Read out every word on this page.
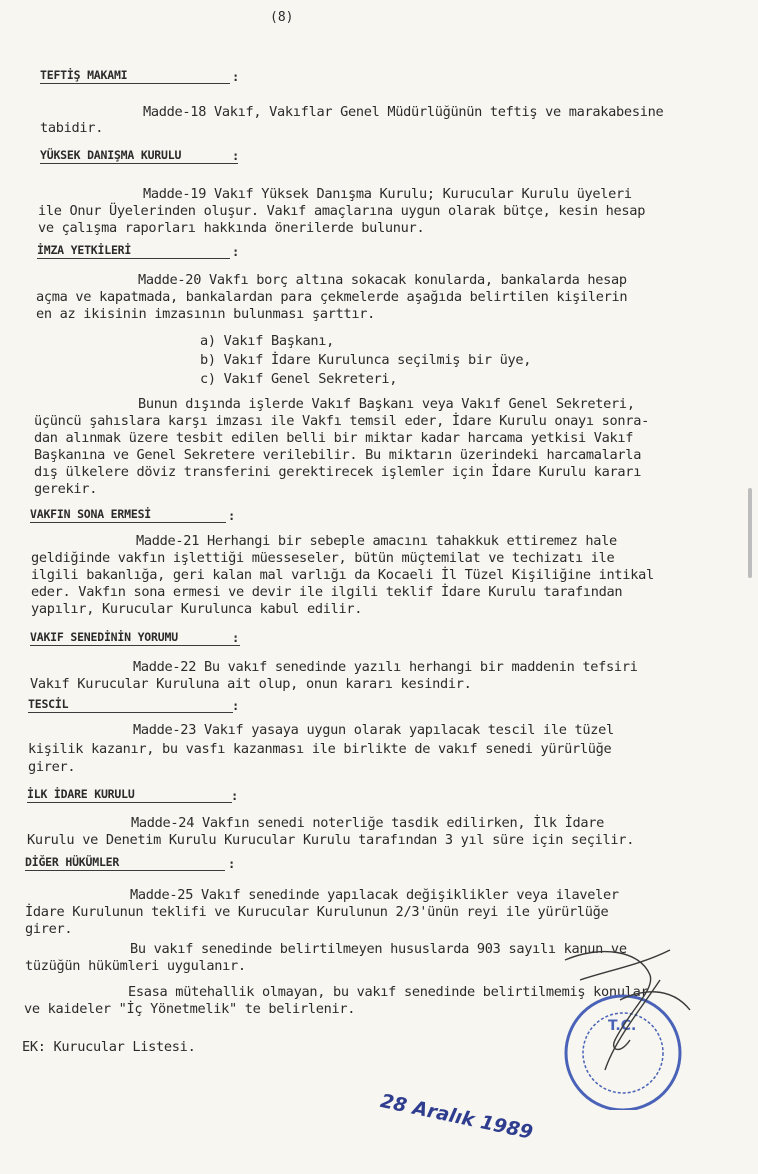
(8)
TEFTİŞ MAKAMI	:
Madde-18 Vakıf, Vakıflar Genel Müdürlüğünün teftiş ve marakabesine
tabidir.
YÜKSEK DANIŞMA KURULU	:
Madde-19 Vakıf Yüksek Danışma Kurulu; Kurucular Kurulu üyeleri
ile Onur Üyelerinden oluşur. Vakıf amaçlarına uygun olarak bütçe, kesin hesap
ve çalışma raporları hakkında önerilerde bulunur.
İMZA YETKİLERİ	:
Madde-20 Vakfı borç altına sokacak konularda, bankalarda hesap
açma ve kapatmada, bankalardan para çekmelerde aşağıda belirtilen kişilerin
en az ikisinin imzasının bulunması şarttır.
a) Vakıf Başkanı,
b) Vakıf İdare Kurulunca seçilmiş bir üye,
c) Vakıf Genel Sekreteri,
Bunun dışında işlerde Vakıf Başkanı veya Vakıf Genel Sekreteri,
üçüncü şahıslara karşı imzası ile Vakfı temsil eder, İdare Kurulu onayı sonra-
dan alınmak üzere tesbit edilen belli bir miktar kadar harcama yetkisi Vakıf
Başkanına ve Genel Sekretere verilebilir. Bu miktarın üzerindeki harcamalarla
dış ülkelere döviz transferini gerektirecek işlemler için İdare Kurulu kararı
gerekir.
VAKFIN SONA ERMESİ	:
Madde-21 Herhangi bir sebeple amacını tahakkuk ettiremez hale
geldiğinde vakfın işlettiği müesseseler, bütün müçtemilat ve techizatı ile
ilgili bakanlığa, geri kalan mal varlığı da Kocaeli İl Tüzel Kişiliğine intikal
eder. Vakfın sona ermesi ve devir ile ilgili teklif İdare Kurulu tarafından
yapılır, Kurucular Kurulunca kabul edilir.
VAKIF SENEDİNİN YORUMU	:
Madde-22 Bu vakıf senedinde yazılı herhangi bir maddenin tefsiri
Vakıf Kurucular Kuruluna ait olup, onun kararı kesindir.
TESCİL	:
Madde-23 Vakıf yasaya uygun olarak yapılacak tescil ile tüzel
kişilik kazanır, bu vasfı kazanması ile birlikte de vakıf senedi yürürlüğe
girer.
İLK İDARE KURULU	:
Madde-24 Vakfın senedi noterliğe tasdik edilirken, İlk İdare
Kurulu ve Denetim Kurulu Kurucular Kurulu tarafından 3 yıl süre için seçilir.
DİĞER HÜKÜMLER	:
Madde-25 Vakıf senedinde yapılacak değişiklikler veya ilaveler
İdare Kurulunun teklifi ve Kurucular Kurulunun 2/3'ünün reyi ile yürürlüğe
girer.
Bu vakıf senedinde belirtilmeyen hususlarda 903 sayılı kanun ve
tüzüğün hükümleri uygulanır.
Esasa mütehallik olmayan, bu vakıf senedinde belirtilmemiş konular
ve kaideler "İç Yönetmelik" te belirlenir.
EK: Kurucular Listesi.
T.C.
28 Aralık 1989
